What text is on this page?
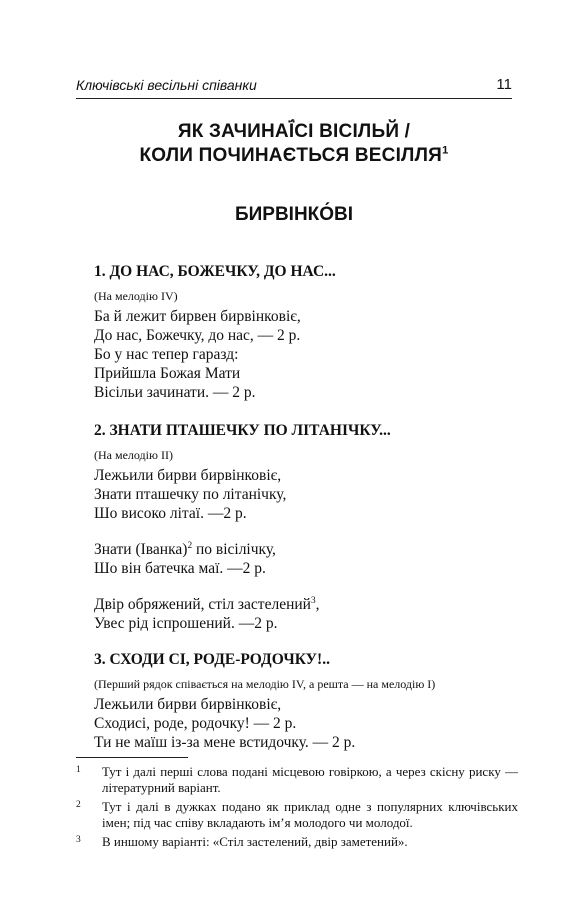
Ключівські весільні співанки	11
ЯК ЗАЧИНАЇ́СІ ВІСІЛЬЙ /
КОЛИ ПОЧИНАЄТЬСЯ ВЕСІЛЛЯ$^1$
БИРВІНКО́ВІ
1. ДО НАС, БОЖЕЧКУ, ДО НАС...
(На мелодію IV)
Ба й лежит бирвен бирвінковіє,
До нас, Божечку, до нас, — 2 р.
Бо у нас тепер гаразд:
Прийшла Божая Мати
Вісільи зачинати. — 2 р.
2. ЗНАТИ ПТАШЕЧКУ ПО ЛІТАНІЧКУ...
(На мелодію II)
Лежьили бирви бирвінковіє,
Знати пташечку по літанічку,
Шо високо літаї. —2 р.
Знати (Іванка)$^2$ по вісілічку,
Шо він батечка маї. —2 р.
Двір обряжений, стіл застелений$^3$,
Увес рід іспрошений. —2 р.
3. СХОДИ СІ, РОДЕ-РОДОЧКУ!..
(Перший рядок співається на мелодію IV, а решта — на мелодію I)
Лежьили бирви бирвінковіє,
Сходисі, роде, родочку! — 2 р.
Ти не маїш із-за мене встидочку. — 2 р.
1 Тут і далі перші слова подані місцевою говіркою, а через скісну риску — літературний варіант.
2 Тут і далі в дужках подано як приклад одне з популярних ключівських імен; під час співу вкладають ім’я молодого чи молодої.
3 В иншому варіанті: «Стіл застелений, двір заметений».
